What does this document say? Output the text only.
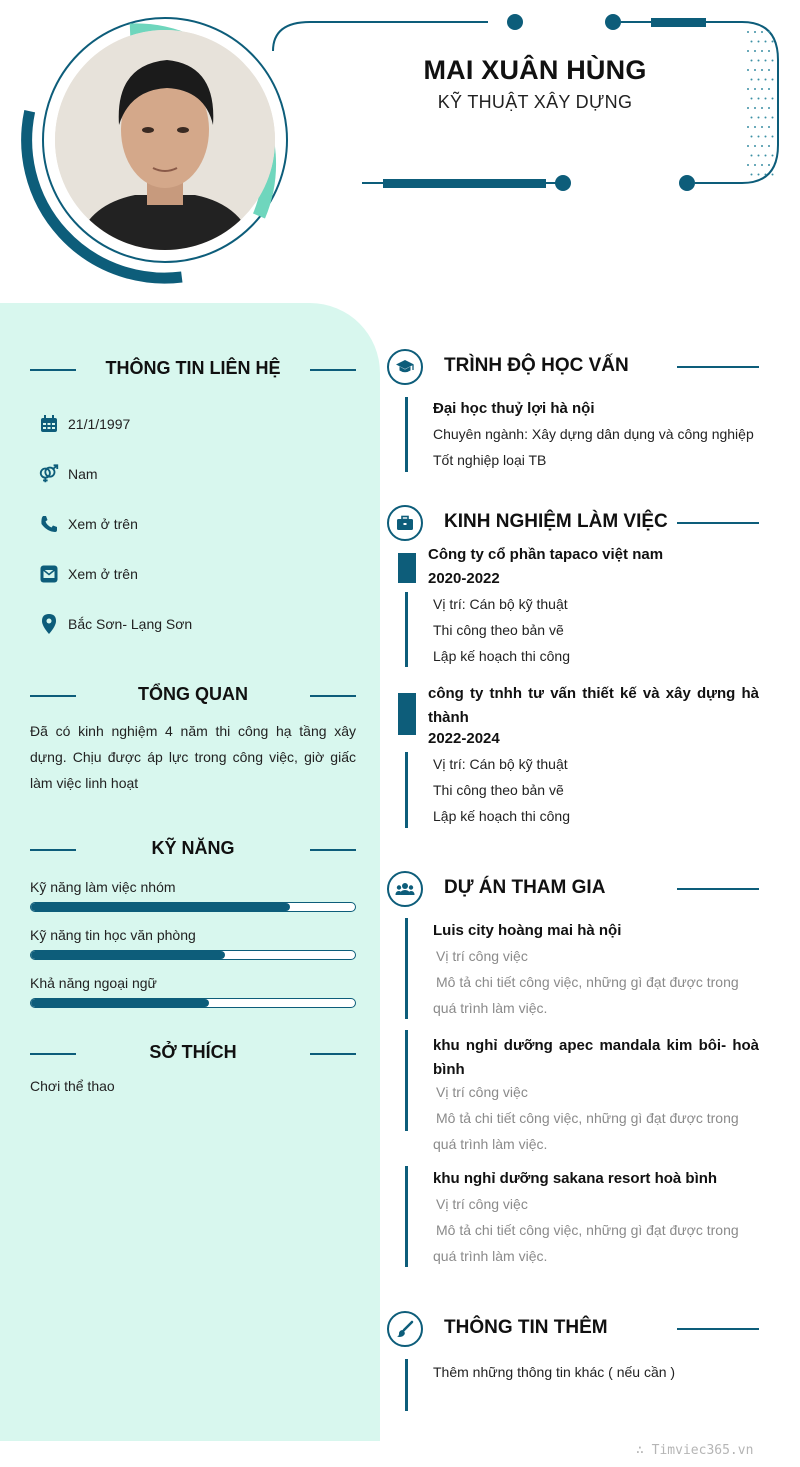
MAI XUÂN HÙNG
KỸ THUẬT XÂY DỰNG
THÔNG TIN LIÊN HỆ
21/1/1997
Nam
Xem ở trên
Xem ở trên
Bắc Sơn- Lạng Sơn
TỔNG QUAN
Đã có kinh nghiệm 4 năm thi công hạ tầng xây dựng. Chịu được áp lực trong công việc, giờ giấc làm việc linh hoạt
KỸ NĂNG
Kỹ năng làm việc nhóm
Kỹ năng tin học văn phòng
Khả năng ngoại ngữ
SỞ THÍCH
Chơi thể thao
TRÌNH ĐỘ HỌC VẤN
Đại học thuỷ lợi hà nội
Chuyên ngành: Xây dựng dân dụng và công nghiệp
Tốt nghiệp loại TB
KINH NGHIỆM LÀM VIỆC
Công ty cổ phần tapaco việt nam
2020-2022
Vị trí: Cán bộ kỹ thuật
Thi công theo bản vẽ
Lập kế hoạch thi công
công ty tnhh tư vấn thiết kế và xây dựng hà thành
2022-2024
Vị trí: Cán bộ kỹ thuật
Thi công theo bản vẽ
Lập kế hoạch thi công
DỰ ÁN THAM GIA
Luis city hoàng mai hà nội
Vị trí công việc
Mô tả chi tiết công việc, những gì đạt được trong quá trình làm việc.
khu nghỉ dưỡng apec mandala kim bôi- hoà bình
Vị trí công việc
Mô tả chi tiết công việc, những gì đạt được trong quá trình làm việc.
khu nghỉ dưỡng sakana resort hoà bình
Vị trí công việc
Mô tả chi tiết công việc, những gì đạt được trong quá trình làm việc.
THÔNG TIN THÊM
Thêm những thông tin khác ( nếu cần )
∴ Timviec365.vn
